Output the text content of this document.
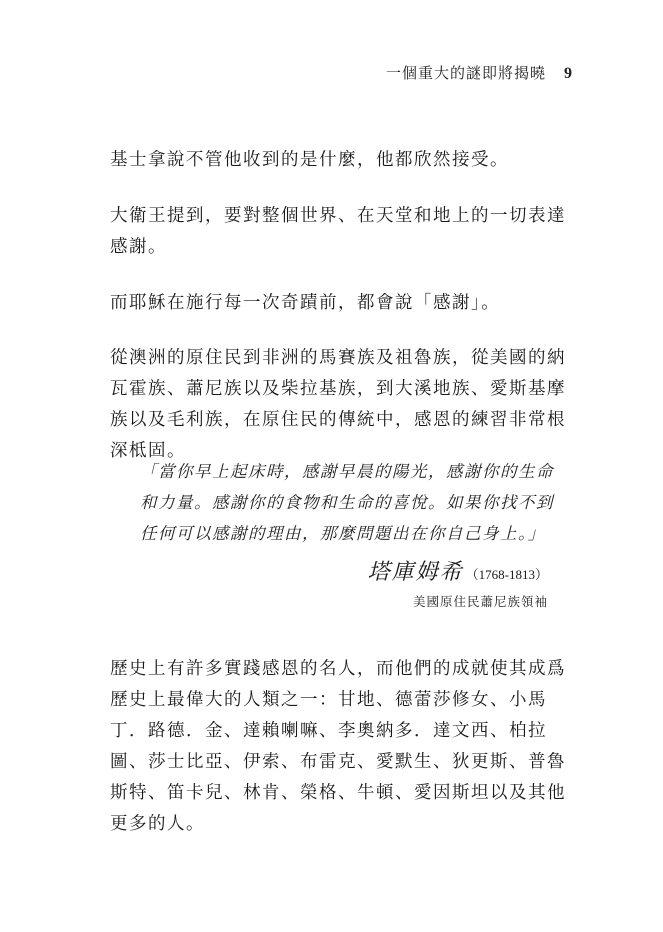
一個重大的謎即將揭曉 9
基士拿說不管他收到的是什麼，他都欣然接受。
大衛王提到，要對整個世界、在天堂和地上的一切表達感謝。
而耶穌在施行每一次奇蹟前，都會說「感謝」。
從澳洲的原住民到非洲的馬賽族及祖魯族，從美國的納瓦霍族、蕭尼族以及柴拉基族，到大溪地族、愛斯基摩族以及毛利族，在原住民的傳統中，感恩的練習非常根深柢固。
「當你早上起床時，感謝早晨的陽光，感謝你的生命和力量。感謝你的食物和生命的喜悅。如果你找不到任何可以感謝的理由，那麼問題出在你自己身上。」
塔庫姆希 （1768-1813）
美國原住民蕭尼族領袖
歷史上有許多實踐感恩的名人，而他們的成就使其成爲歷史上最偉大的人類之一：甘地、德蕾莎修女、小馬丁．路德．金、達賴喇嘛、李奧納多．達文西、柏拉圖、莎士比亞、伊索、布雷克、愛默生、狄更斯、普魯斯特、笛卡兒、林肯、榮格、牛頓、愛因斯坦以及其他更多的人。
